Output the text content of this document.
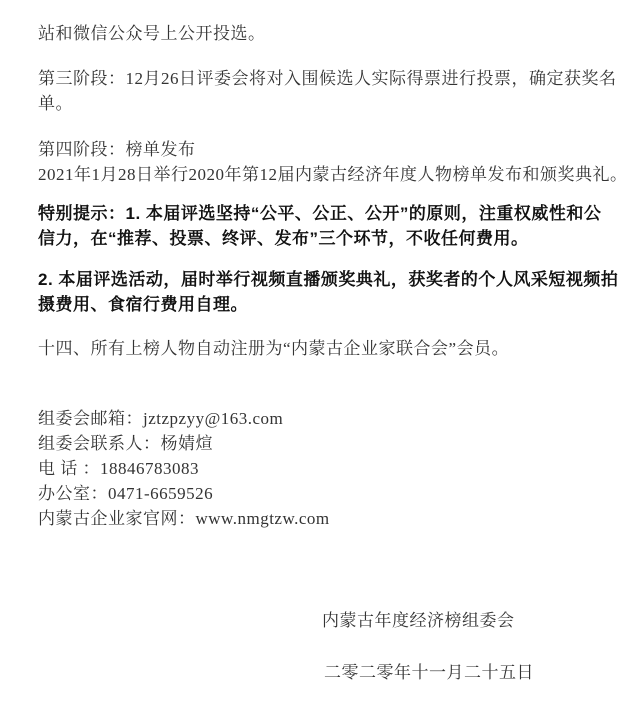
站和微信公众号上公开投选。
第三阶段：12月26日评委会将对入围候选人实际得票进行投票，确定获奖名
单。
第四阶段：榜单发布
2021年1月28日举行2020年第12届内蒙古经济年度人物榜单发布和颁奖典礼。
特别提示：1. 本届评选坚持“公平、公正、公开”的原则，注重权威性和公
信力，在“推荐、投票、终评、发布”三个环节，不收任何费用。
2. 本届评选活动，届时举行视频直播颁奖典礼，获奖者的个人风采短视频拍
摄费用、食宿行费用自理。
十四、所有上榜人物自动注册为“内蒙古企业家联合会”会员。
组委会邮箱：jztzpzyy@163.com
组委会联系人：杨婧煊
电 话 ：18846783083
办公室：0471-6659526
内蒙古企业家官网：www.nmgtzw.com
内蒙古年度经济榜组委会
二零二零年十一月二十五日
